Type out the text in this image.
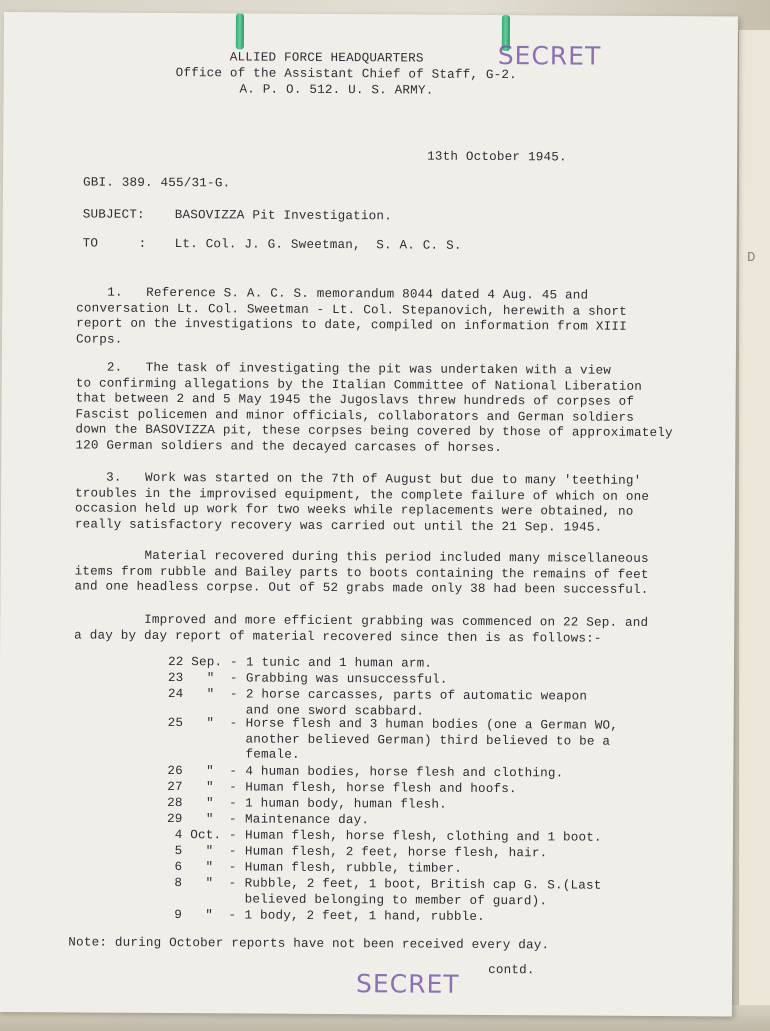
D
SECRET
ALLIED FORCE HEADQUARTERS
Office of the Assistant Chief of Staff, G-2.
A. P. O. 512. U. S. ARMY.
13th October 1945.
GBI. 389. 455/31-G.
SUBJECT: BASOVIZZA Pit Investigation.
TO	: Lt. Col. J. G. Sweetman,  S. A. C. S.
1.   Reference S. A. C. S. memorandum 8044 dated 4 Aug. 45 and
conversation Lt. Col. Sweetman - Lt. Col. Stepanovich, herewith a short
report on the investigations to date, compiled on information from XIII
Corps.
2.   The task of investigating the pit was undertaken with a view
to confirming allegations by the Italian Committee of National Liberation
that between 2 and 5 May 1945 the Jugoslavs threw hundreds of corpses of
Fascist policemen and minor officials, collaborators and German soldiers
down the BASOVIZZA pit, these corpses being covered by those of approximately
120 German soldiers and the decayed carcases of horses.
3.   Work was started on the 7th of August but due to many 'teething'
troubles in the improvised equipment, the complete failure of which on one
occasion held up work for two weeks while replacements were obtained, no
really satisfactory recovery was carried out until the 21 Sep. 1945.
Material recovered during this period included many miscellaneous
items from rubble and Bailey parts to boots containing the remains of feet
and one headless corpse. Out of 52 grabs made only 38 had been successful.
Improved and more efficient grabbing was commenced on 22 Sep. and
a day by day report of material recovered since then is as follows:-
22 Sep. - 1 tunic and 1 human arm.
23   " - Grabbing was unsuccessful.
24   " - 2 horse carcasses, parts of automatic weapon
and one sword scabbard.
25   " - Horse flesh and 3 human bodies (one a German WO,
another believed German) third believed to be a
female.
26   " - 4 human bodies, horse flesh and clothing.
27   " - Human flesh, horse flesh and hoofs.
28   " - 1 human body, human flesh.
29   " - Maintenance day.
4 Oct. - Human flesh, horse flesh, clothing and 1 boot.
5   " - Human flesh, 2 feet, horse flesh, hair.
6   " - Human flesh, rubble, timber.
8   " - Rubble, 2 feet, 1 boot, British cap G. S.(Last
believed belonging to member of guard).
9   " - 1 body, 2 feet, 1 hand, rubble.
Note: during October reports have not been received every day.
contd.
SECRET
